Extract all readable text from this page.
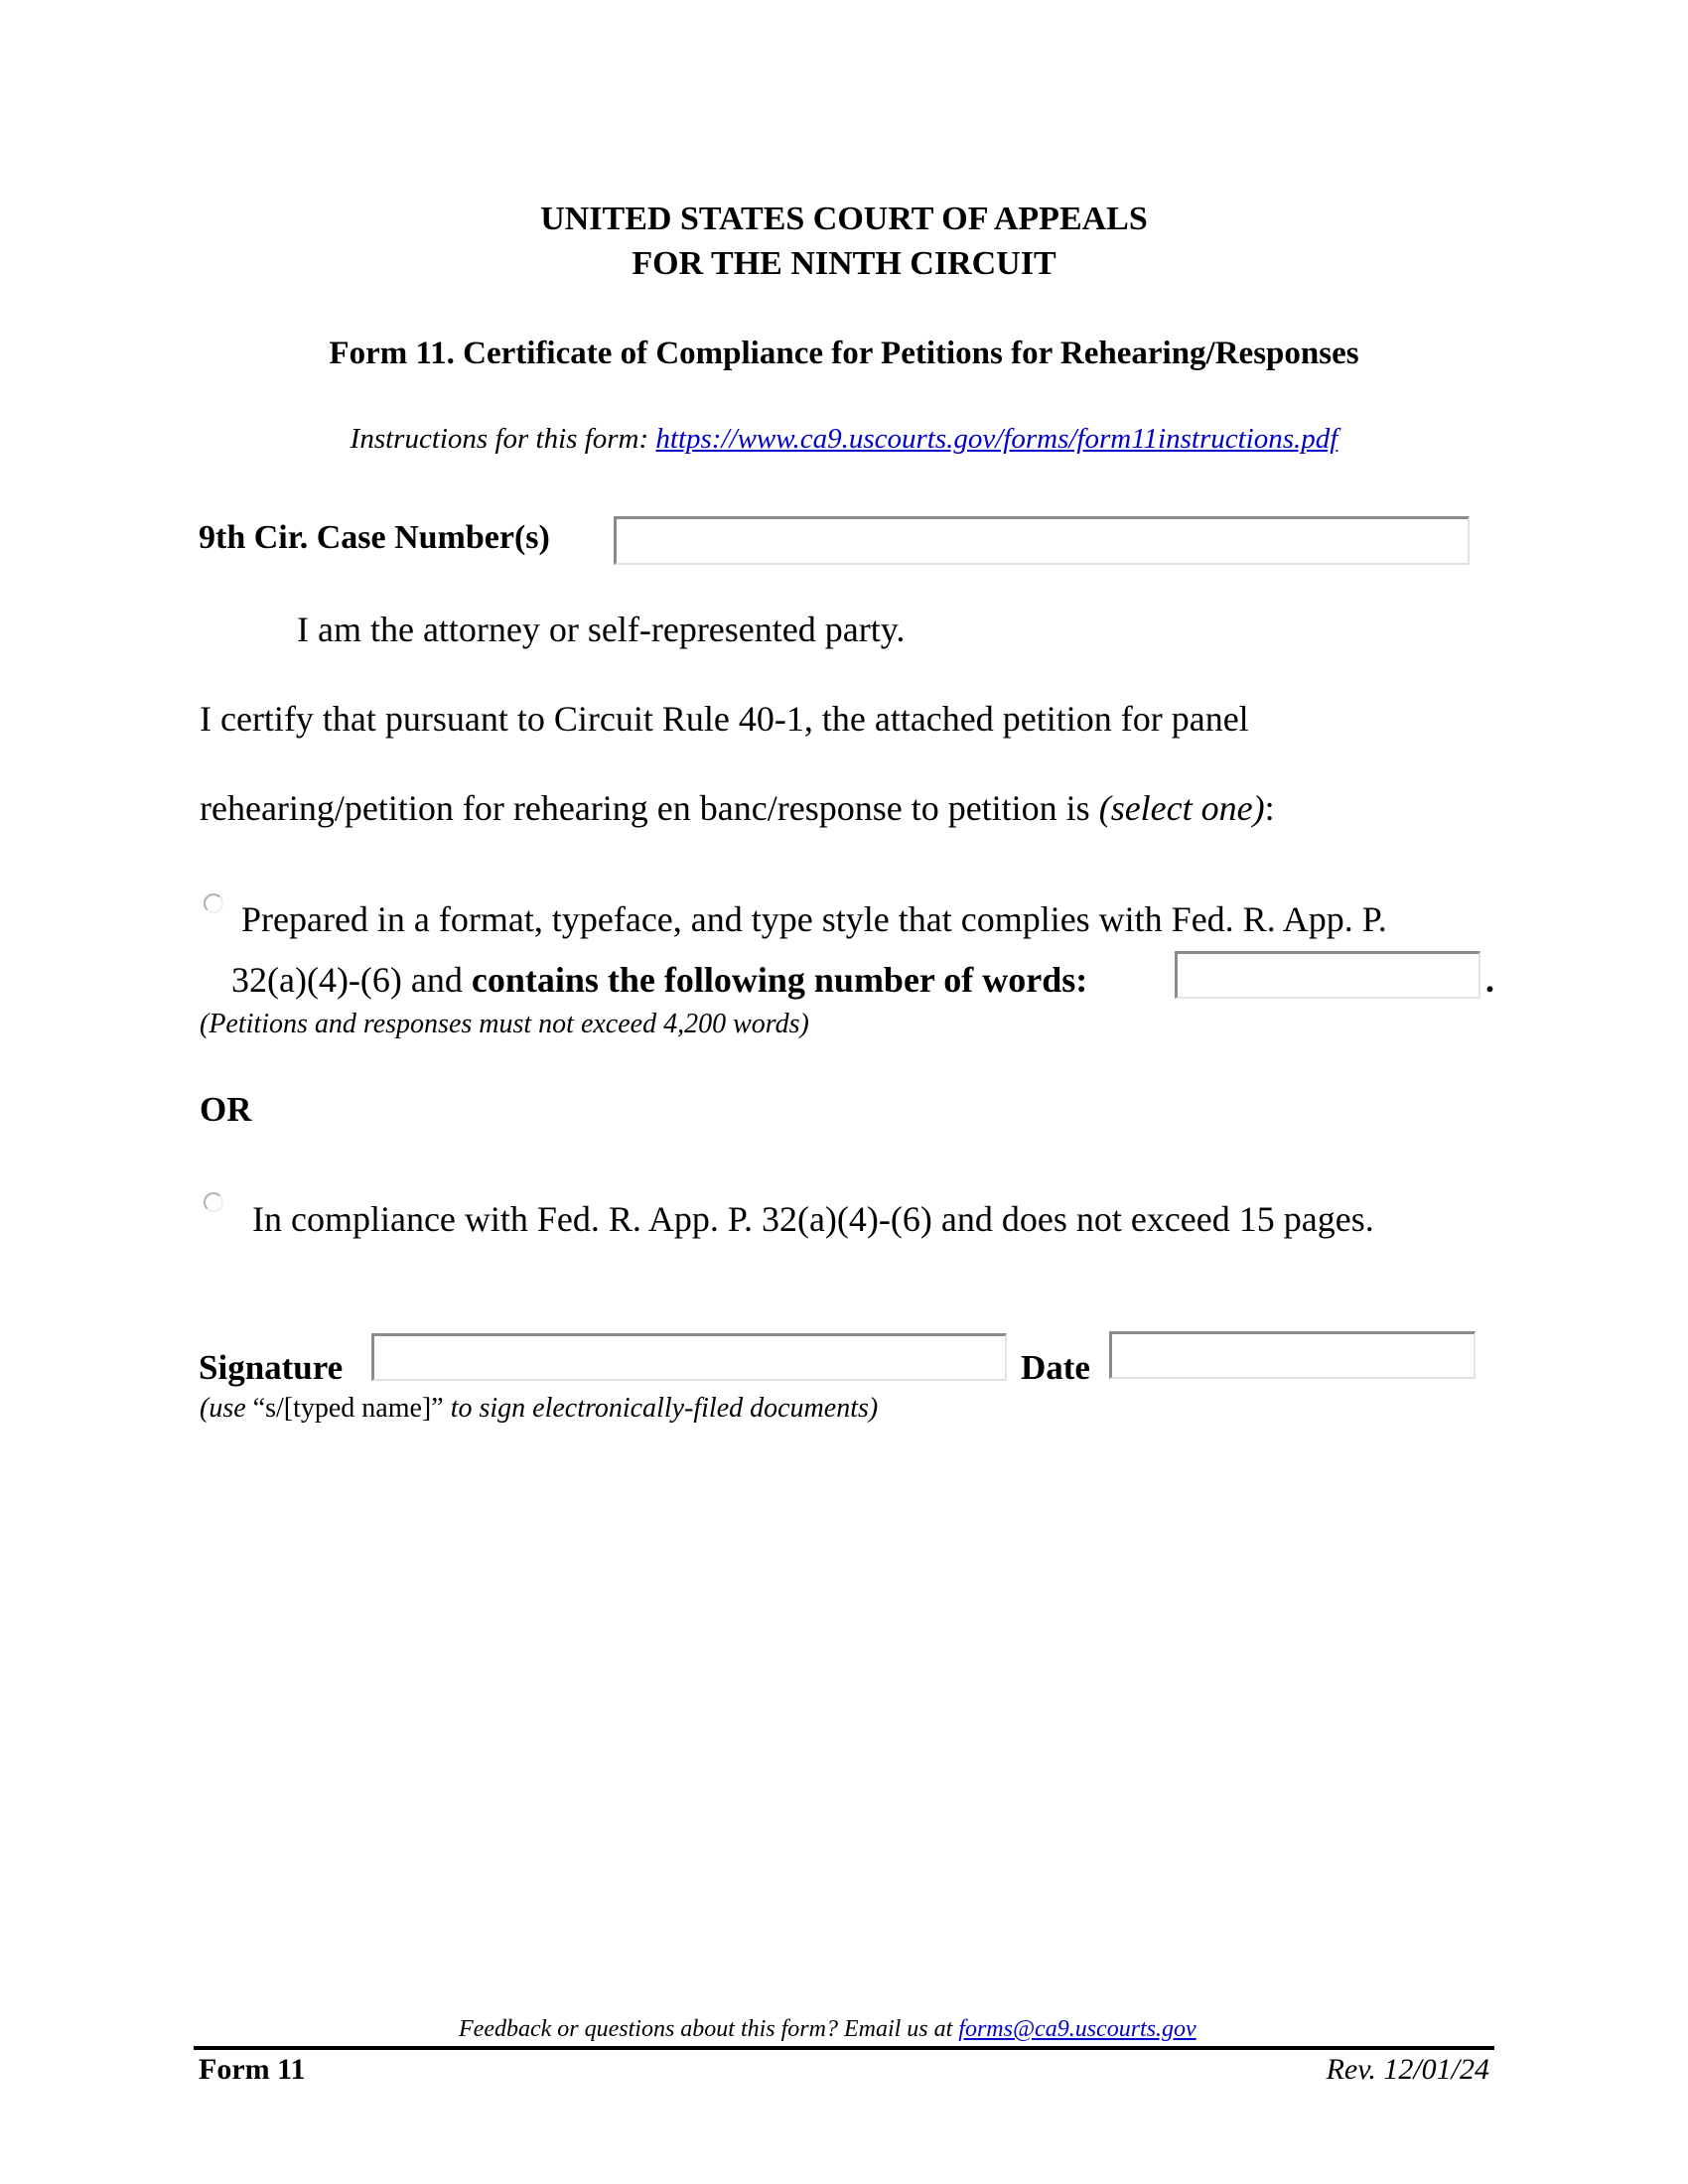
UNITED STATES COURT OF APPEALS
FOR THE NINTH CIRCUIT
Form 11. Certificate of Compliance for Petitions for Rehearing/Responses
Instructions for this form: https://www.ca9.uscourts.gov/forms/form11instructions.pdf
9th Cir. Case Number(s)
I am the attorney or self-represented party.
I certify that pursuant to Circuit Rule 40-1, the attached petition for panel
rehearing/petition for rehearing en banc/response to petition is (select one):
Prepared in a format, typeface, and type style that complies with Fed. R. App. P.
32(a)(4)-(6) and contains the following number of words:	.
(Petitions and responses must not exceed 4,200 words)
OR
In compliance with Fed. R. App. P. 32(a)(4)-(6) and does not exceed 15 pages.
Signature	Date
(use “s/[typed name]” to sign electronically-filed documents)
Feedback or questions about this form? Email us at forms@ca9.uscourts.gov
Form 11	Rev. 12/01/24
